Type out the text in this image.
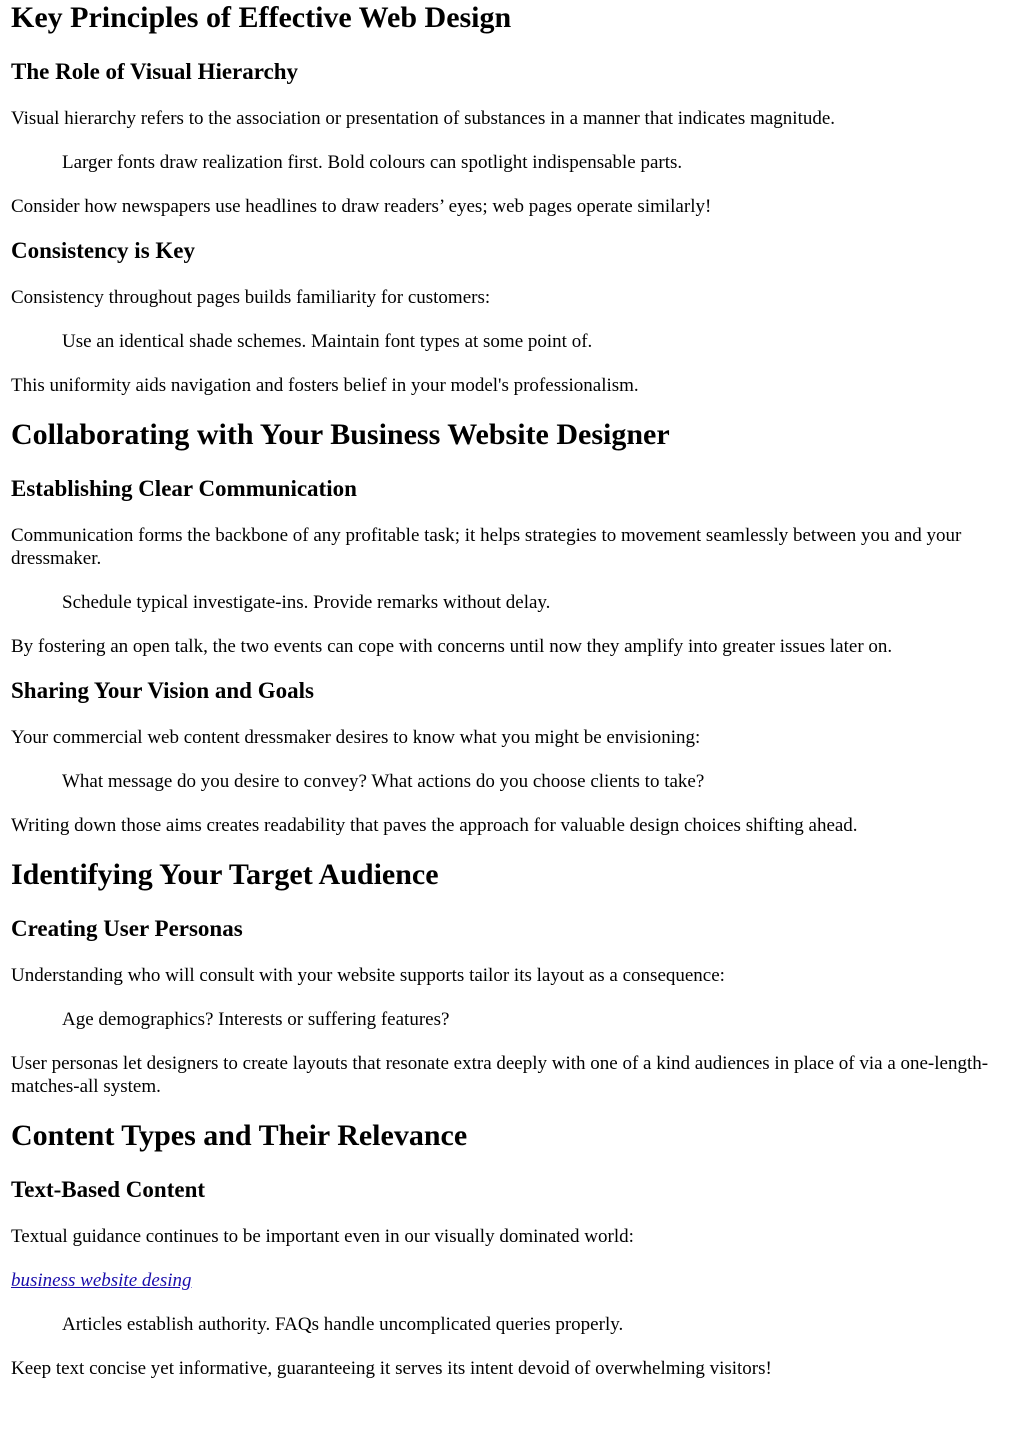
Key Principles of Effective Web Design
The Role of Visual Hierarchy

Visual hierarchy refers to the association or presentation of substances in a manner that indicates magnitude.

Larger fonts draw realization first. Bold colours can spotlight indispensable parts.

Consider how newspapers use headlines to draw readers’ eyes; web pages operate similarly!

Consistency is Key

Consistency throughout pages builds familiarity for customers:

Use an identical shade schemes. Maintain font types at some point of.

This uniformity aids navigation and fosters belief in your model's professionalism.

Collaborating with Your Business Website Designer
Establishing Clear Communication

Communication forms the backbone of any profitable task; it helps strategies to movement seamlessly between you and your dressmaker.

Schedule typical investigate-ins. Provide remarks without delay.

By fostering an open talk, the two events can cope with concerns until now they amplify into greater issues later on.

Sharing Your Vision and Goals

Your commercial web content dressmaker desires to know what you might be envisioning:

What message do you desire to convey? What actions do you choose clients to take?

Writing down those aims creates readability that paves the approach for valuable design choices shifting ahead.

Identifying Your Target Audience
Creating User Personas

Understanding who will consult with your website supports tailor its layout as a consequence:

Age demographics? Interests or suffering features?

User personas let designers to create layouts that resonate extra deeply with one of a kind audiences in place of via a one-length-matches-all system.

Content Types and Their Relevance
Text-Based Content

Textual guidance continues to be important even in our visually dominated world:

business website desing

Articles establish authority. FAQs handle uncomplicated queries properly.

Keep text concise yet informative, guaranteeing it serves its intent devoid of overwhelming visitors!
